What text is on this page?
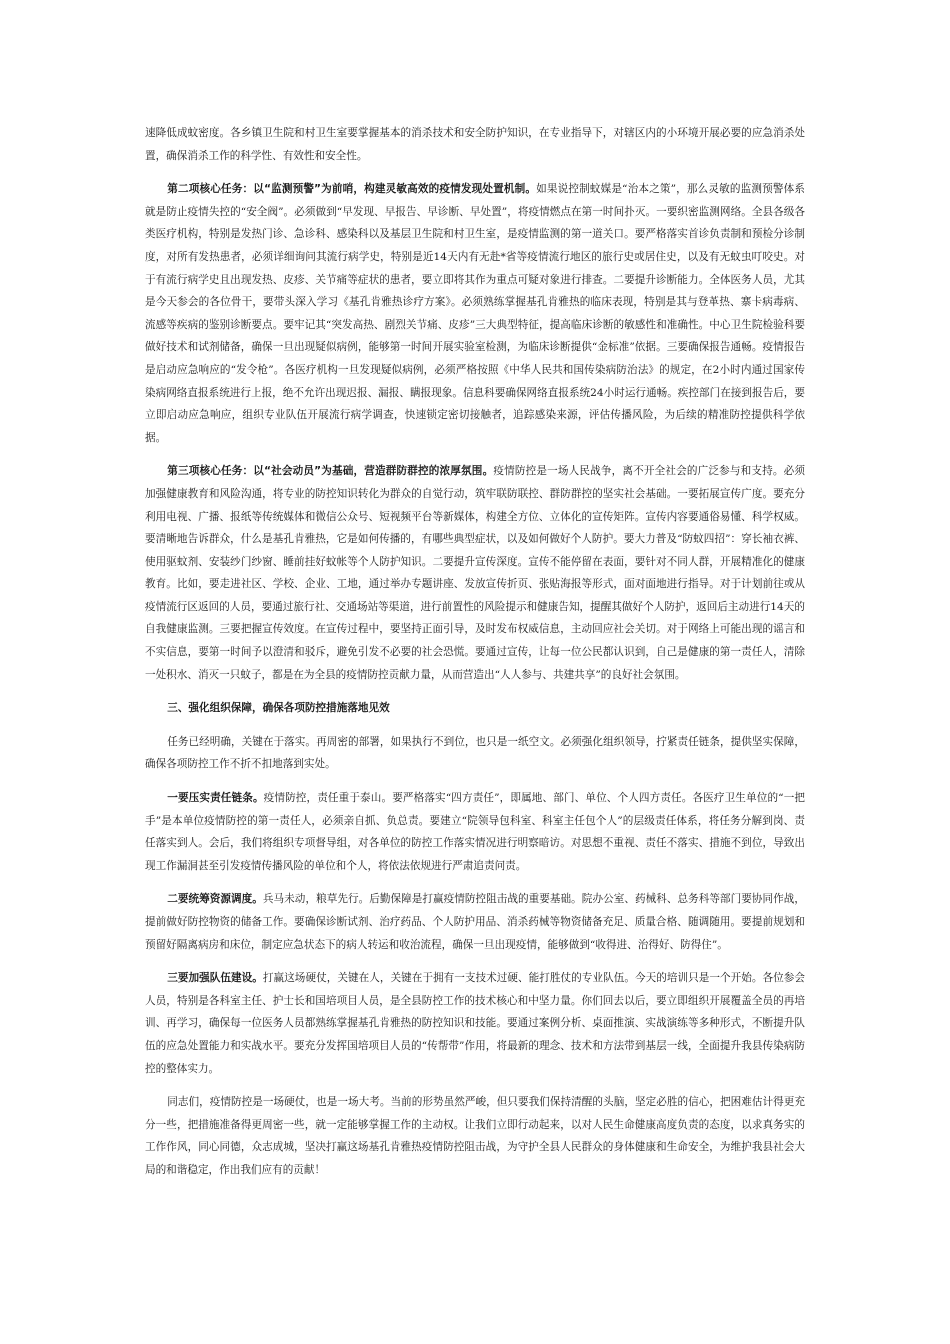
速降低成蚊密度。各乡镇卫生院和村卫生室要掌握基本的消杀技术和安全防护知识，在专业指导下，对辖区内的小环境开展必要的应急消杀处置，确保消杀工作的科学性、有效性和安全性。

第二项核心任务：以“监测预警”为前哨，构建灵敏高效的疫情发现处置机制。如果说控制蚊媒是“治本之策”，那么灵敏的监测预警体系就是防止疫情失控的“安全阀”。必须做到“早发现、早报告、早诊断、早处置”，将疫情燃点在第一时间扑灭。一要织密监测网络。全县各级各类医疗机构，特别是发热门诊、急诊科、感染科以及基层卫生院和村卫生室，是疫情监测的第一道关口。要严格落实首诊负责制和预检分诊制度，对所有发热患者，必须详细询问其流行病学史，特别是近14天内有无赴*省等疫情流行地区的旅行史或居住史，以及有无蚊虫叮咬史。对于有流行病学史且出现发热、皮疹、关节痛等症状的患者，要立即将其作为重点可疑对象进行排查。二要提升诊断能力。全体医务人员，尤其是今天参会的各位骨干，要带头深入学习《基孔肯雅热诊疗方案》。必须熟练掌握基孔肯雅热的临床表现，特别是其与登革热、寨卡病毒病、流感等疾病的鉴别诊断要点。要牢记其“突发高热、剧烈关节痛、皮疹”三大典型特征，提高临床诊断的敏感性和准确性。中心卫生院检验科要做好技术和试剂储备，确保一旦出现疑似病例，能够第一时间开展实验室检测，为临床诊断提供“金标准”依据。三要确保报告通畅。疫情报告是启动应急响应的“发令枪”。各医疗机构一旦发现疑似病例，必须严格按照《中华人民共和国传染病防治法》的规定，在2小时内通过国家传染病网络直报系统进行上报，绝不允许出现迟报、漏报、瞒报现象。信息科要确保网络直报系统24小时运行通畅。疾控部门在接到报告后，要立即启动应急响应，组织专业队伍开展流行病学调查，快速锁定密切接触者，追踪感染来源，评估传播风险，为后续的精准防控提供科学依据。

第三项核心任务：以“社会动员”为基础，营造群防群控的浓厚氛围。疫情防控是一场人民战争，离不开全社会的广泛参与和支持。必须加强健康教育和风险沟通，将专业的防控知识转化为群众的自觉行动，筑牢联防联控、群防群控的坚实社会基础。一要拓展宣传广度。要充分利用电视、广播、报纸等传统媒体和微信公众号、短视频平台等新媒体，构建全方位、立体化的宣传矩阵。宣传内容要通俗易懂、科学权威。要清晰地告诉群众，什么是基孔肯雅热，它是如何传播的，有哪些典型症状，以及如何做好个人防护。要大力普及“防蚊四招”：穿长袖衣裤、使用驱蚊剂、安装纱门纱窗、睡前挂好蚊帐等个人防护知识。二要提升宣传深度。宣传不能停留在表面，要针对不同人群，开展精准化的健康教育。比如，要走进社区、学校、企业、工地，通过举办专题讲座、发放宣传折页、张贴海报等形式，面对面地进行指导。对于计划前往或从疫情流行区返回的人员，要通过旅行社、交通场站等渠道，进行前置性的风险提示和健康告知，提醒其做好个人防护，返回后主动进行14天的自我健康监测。三要把握宣传效度。在宣传过程中，要坚持正面引导，及时发布权威信息，主动回应社会关切。对于网络上可能出现的谣言和不实信息，要第一时间予以澄清和驳斥，避免引发不必要的社会恐慌。要通过宣传，让每一位公民都认识到，自己是健康的第一责任人，清除一处积水、消灭一只蚊子，都是在为全县的疫情防控贡献力量，从而营造出“人人参与、共建共享”的良好社会氛围。

三、强化组织保障，确保各项防控措施落地见效

任务已经明确，关键在于落实。再周密的部署，如果执行不到位，也只是一纸空文。必须强化组织领导，拧紧责任链条，提供坚实保障，确保各项防控工作不折不扣地落到实处。

一要压实责任链条。疫情防控，责任重于泰山。要严格落实“四方责任”，即属地、部门、单位、个人四方责任。各医疗卫生单位的“一把手”是本单位疫情防控的第一责任人，必须亲自抓、负总责。要建立“院领导包科室、科室主任包个人”的层级责任体系，将任务分解到岗、责任落实到人。会后，我们将组织专项督导组，对各单位的防控工作落实情况进行明察暗访。对思想不重视、责任不落实、措施不到位，导致出现工作漏洞甚至引发疫情传播风险的单位和个人，将依法依规进行严肃追责问责。

二要统筹资源调度。兵马未动，粮草先行。后勤保障是打赢疫情防控阻击战的重要基础。院办公室、药械科、总务科等部门要协同作战，提前做好防控物资的储备工作。要确保诊断试剂、治疗药品、个人防护用品、消杀药械等物资储备充足、质量合格、随调随用。要提前规划和预留好隔离病房和床位，制定应急状态下的病人转运和收治流程，确保一旦出现疫情，能够做到“收得进、治得好、防得住”。

三要加强队伍建设。打赢这场硬仗，关键在人，关键在于拥有一支技术过硬、能打胜仗的专业队伍。今天的培训只是一个开始。各位参会人员，特别是各科室主任、护士长和国培项目人员，是全县防控工作的技术核心和中坚力量。你们回去以后，要立即组织开展覆盖全员的再培训、再学习，确保每一位医务人员都熟练掌握基孔肯雅热的防控知识和技能。要通过案例分析、桌面推演、实战演练等多种形式，不断提升队伍的应急处置能力和实战水平。要充分发挥国培项目人员的“传帮带”作用，将最新的理念、技术和方法带到基层一线，全面提升我县传染病防控的整体实力。

同志们，疫情防控是一场硬仗，也是一场大考。当前的形势虽然严峻，但只要我们保持清醒的头脑，坚定必胜的信心，把困难估计得更充分一些，把措施准备得更周密一些，就一定能够掌握工作的主动权。让我们立即行动起来，以对人民生命健康高度负责的态度，以求真务实的工作作风，同心同德，众志成城，坚决打赢这场基孔肯雅热疫情防控阻击战，为守护全县人民群众的身体健康和生命安全，为维护我县社会大局的和谐稳定，作出我们应有的贡献！
